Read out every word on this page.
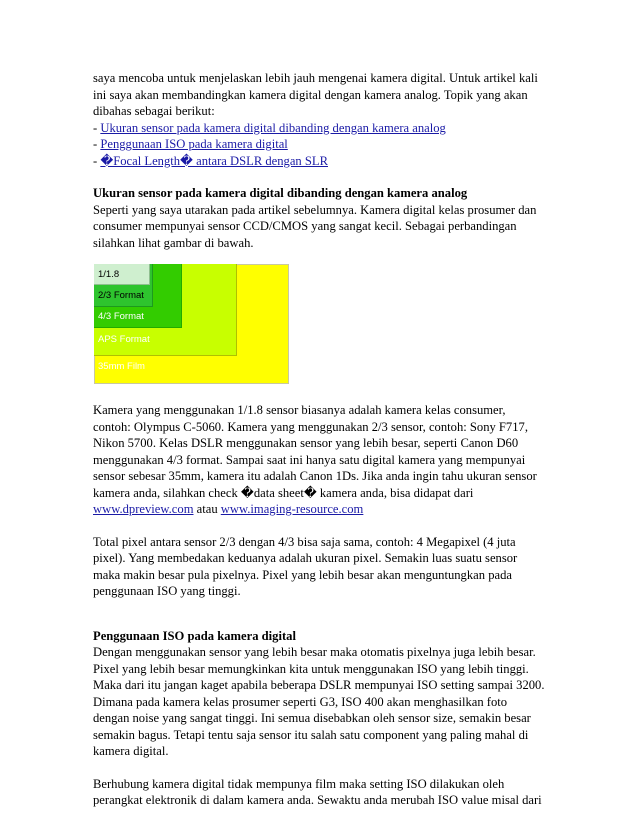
saya mencoba untuk menjelaskan lebih jauh mengenai kamera digital. Untuk artikel kali
ini saya akan membandingkan kamera digital dengan kamera analog. Topik yang akan
dibahas sebagai berikut:
- Ukuran sensor pada kamera digital dibanding dengan kamera analog
- Penggunaan ISO pada kamera digital
- �Focal Length� antara DSLR dengan SLR

Ukuran sensor pada kamera digital dibanding dengan kamera analog
Seperti yang saya utarakan pada artikel sebelumnya. Kamera digital kelas prosumer dan
consumer mempunyai sensor CCD/CMOS yang sangat kecil. Sebagai perbandingan
silahkan lihat gambar di bawah.

1/1.8
2/3 Format
4/3 Format
APS Format
35mm Film

Kamera yang menggunakan 1/1.8 sensor biasanya adalah kamera kelas consumer,
contoh: Olympus C-5060. Kamera yang menggunakan 2/3 sensor, contoh: Sony F717,
Nikon 5700. Kelas DSLR menggunakan sensor yang lebih besar, seperti Canon D60
menggunakan 4/3 format. Sampai saat ini hanya satu digital kamera yang mempunyai
sensor sebesar 35mm, kamera itu adalah Canon 1Ds. Jika anda ingin tahu ukuran sensor
kamera anda, silahkan check �data sheet� kamera anda, bisa didapat dari
www.dpreview.com atau www.imaging-resource.com

Total pixel antara sensor 2/3 dengan 4/3 bisa saja sama, contoh: 4 Megapixel (4 juta
pixel). Yang membedakan keduanya adalah ukuran pixel. Semakin luas suatu sensor
maka makin besar pula pixelnya. Pixel yang lebih besar akan menguntungkan pada
penggunaan ISO yang tinggi.

Penggunaan ISO pada kamera digital
Dengan menggunakan sensor yang lebih besar maka otomatis pixelnya juga lebih besar.
Pixel yang lebih besar memungkinkan kita untuk menggunakan ISO yang lebih tinggi.
Maka dari itu jangan kaget apabila beberapa DSLR mempunyai ISO setting sampai 3200.
Dimana pada kamera kelas prosumer seperti G3, ISO 400 akan menghasilkan foto
dengan noise yang sangat tinggi. Ini semua disebabkan oleh sensor size, semakin besar
semakin bagus. Tetapi tentu saja sensor itu salah satu component yang paling mahal di
kamera digital.

Berhubung kamera digital tidak mempunya film maka setting ISO dilakukan oleh
perangkat elektronik di dalam kamera anda. Sewaktu anda merubah ISO value misal dari
